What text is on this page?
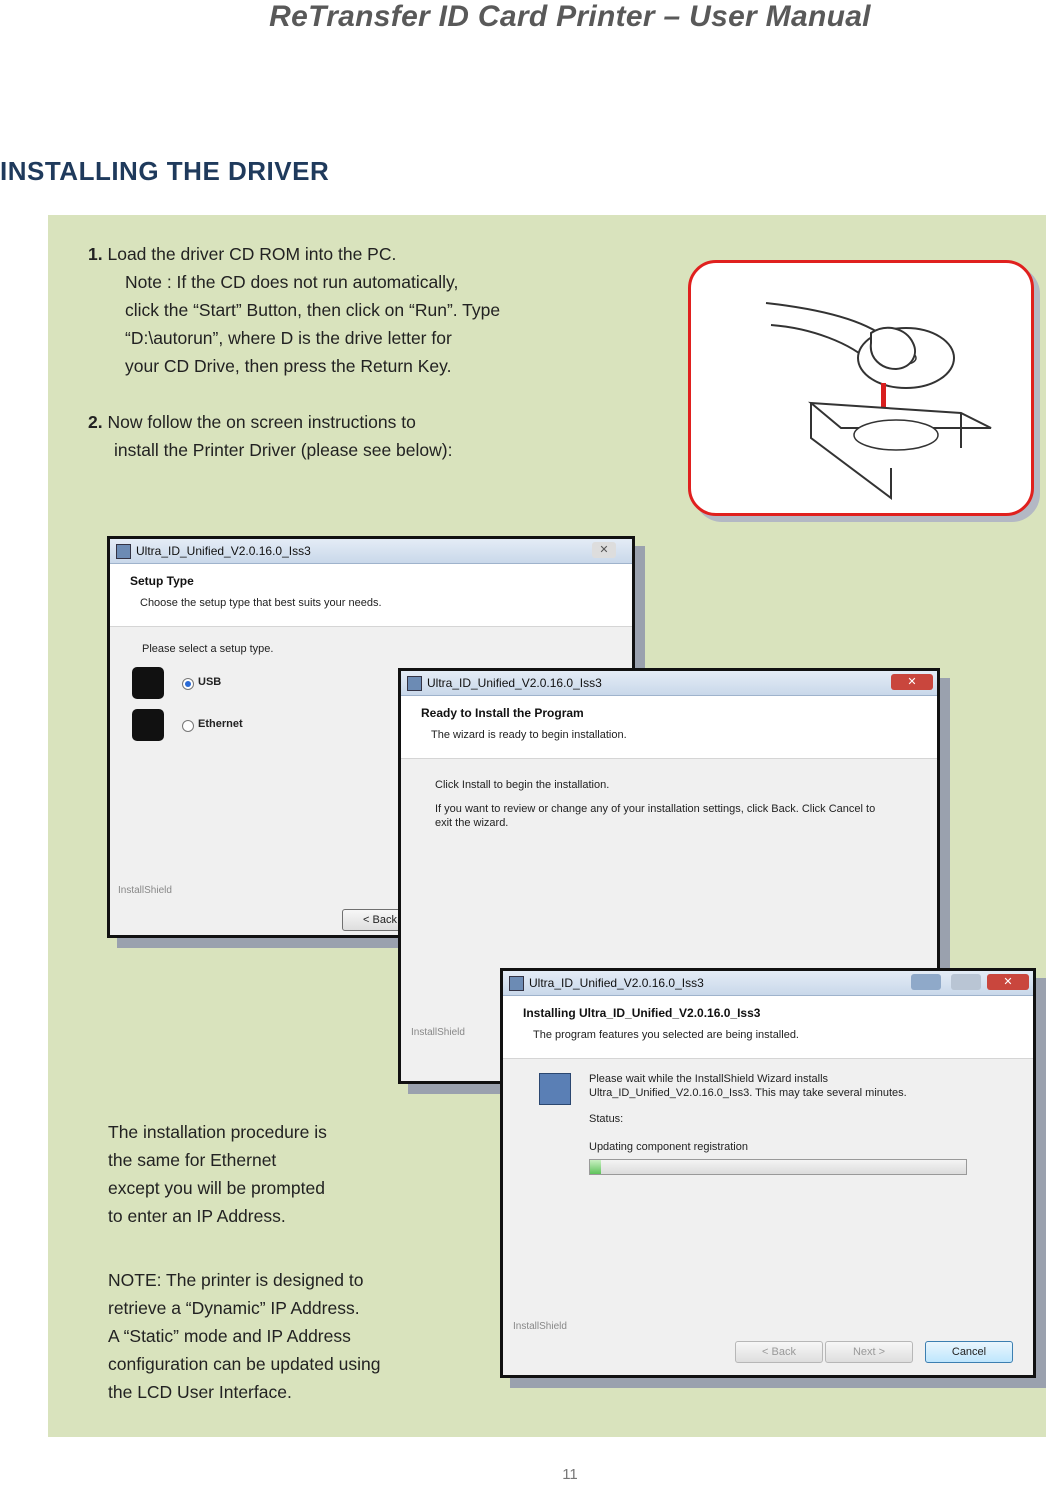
ReTransfer ID Card Printer – User Manual
INSTALLING THE DRIVER
1. Load the driver CD ROM into the PC.
Note : If the CD does not run automatically,
click the “Start” Button, then click on “Run”. Type
“D:\autorun”, where D is the drive letter for
your CD Drive, then press the Return Key.

2. Now follow the on screen instructions to
install the Printer Driver (please see below):
Ultra_ID_Unified_V2.0.16.0_Iss3	✕
Setup Type
Choose the setup type that best suits your needs.
Please select a setup type.
USB
Ethernet
InstallShield
< Back
Ultra_ID_Unified_V2.0.16.0_Iss3	✕
Ready to Install the Program
The wizard is ready to begin installation.
Click Install to begin the installation.
If you want to review or change any of your installation settings, click Back. Click Cancel to
exit the wizard.
InstallShield
Ultra_ID_Unified_V2.0.16.0_Iss3	✕
Installing Ultra_ID_Unified_V2.0.16.0_Iss3
The program features you selected are being installed.
Please wait while the InstallShield Wizard installs
Ultra_ID_Unified_V2.0.16.0_Iss3. This may take several minutes.
Status:
Updating component registration
InstallShield
< Back	Next >	Cancel
The installation procedure is
the same for Ethernet
except you will be prompted
to enter an IP Address.
NOTE: The printer is designed to
retrieve a “Dynamic” IP Address.
A “Static” mode and IP Address
configuration can be updated using
the LCD User Interface.
11
